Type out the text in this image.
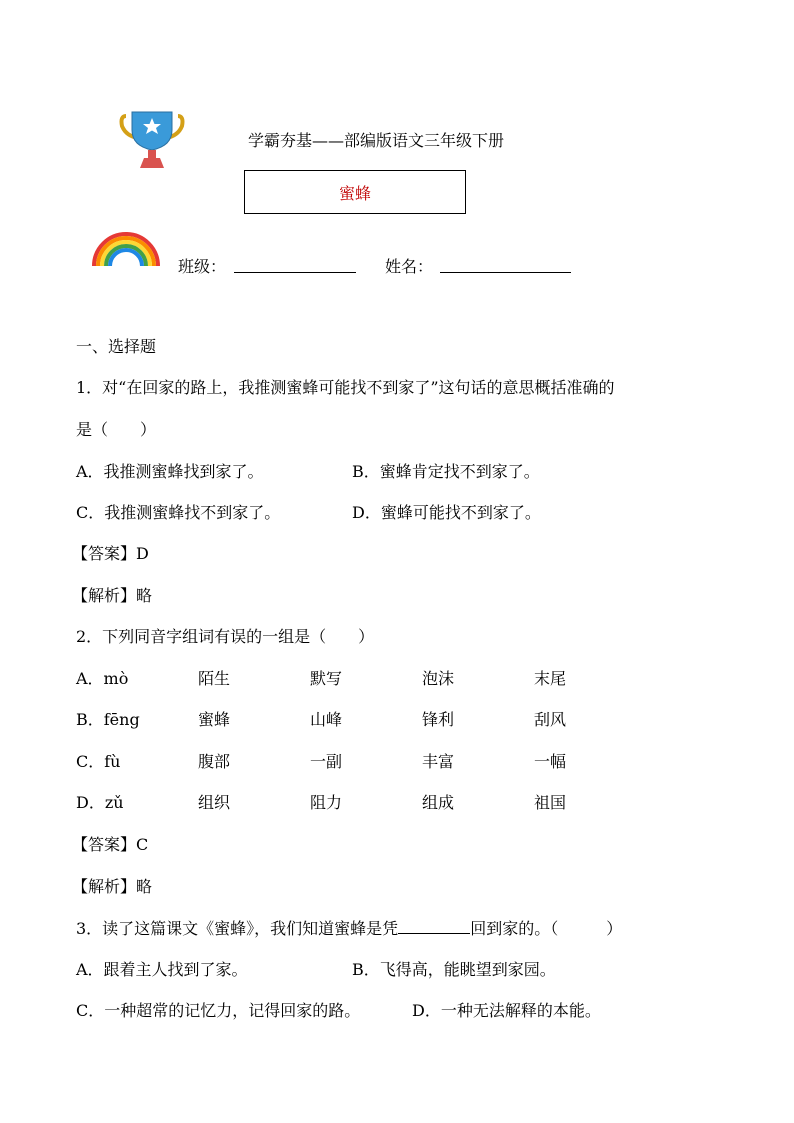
学霸夯基——部编版语文三年级下册
蜜蜂
班级：	姓名：
一、选择题
1．对“在回家的路上，我推测蜜蜂可能找不到家了”这句话的意思概括准确的
是（　　）
A．我推测蜜蜂找到家了。	B．蜜蜂肯定找不到家了。
C．我推测蜜蜂找不到家了。	D．蜜蜂可能找不到家了。
【答案】D
【解析】略
2．下列同音字组词有误的一组是（　　）
A．mò	陌生	默写	泡沫	末尾
B．fēng	蜜蜂	山峰	锋利	刮风
C．fù	腹部	一副	丰富	一幅
D．zǔ	组织	阻力	组成	祖国
【答案】C
【解析】略
3．读了这篇课文《蜜蜂》，我们知道蜜蜂是凭	回到家的。（　　　）
A．跟着主人找到了家。	B．飞得高，能眺望到家园。
C．一种超常的记忆力，记得回家的路。	D．一种无法解释的本能。
